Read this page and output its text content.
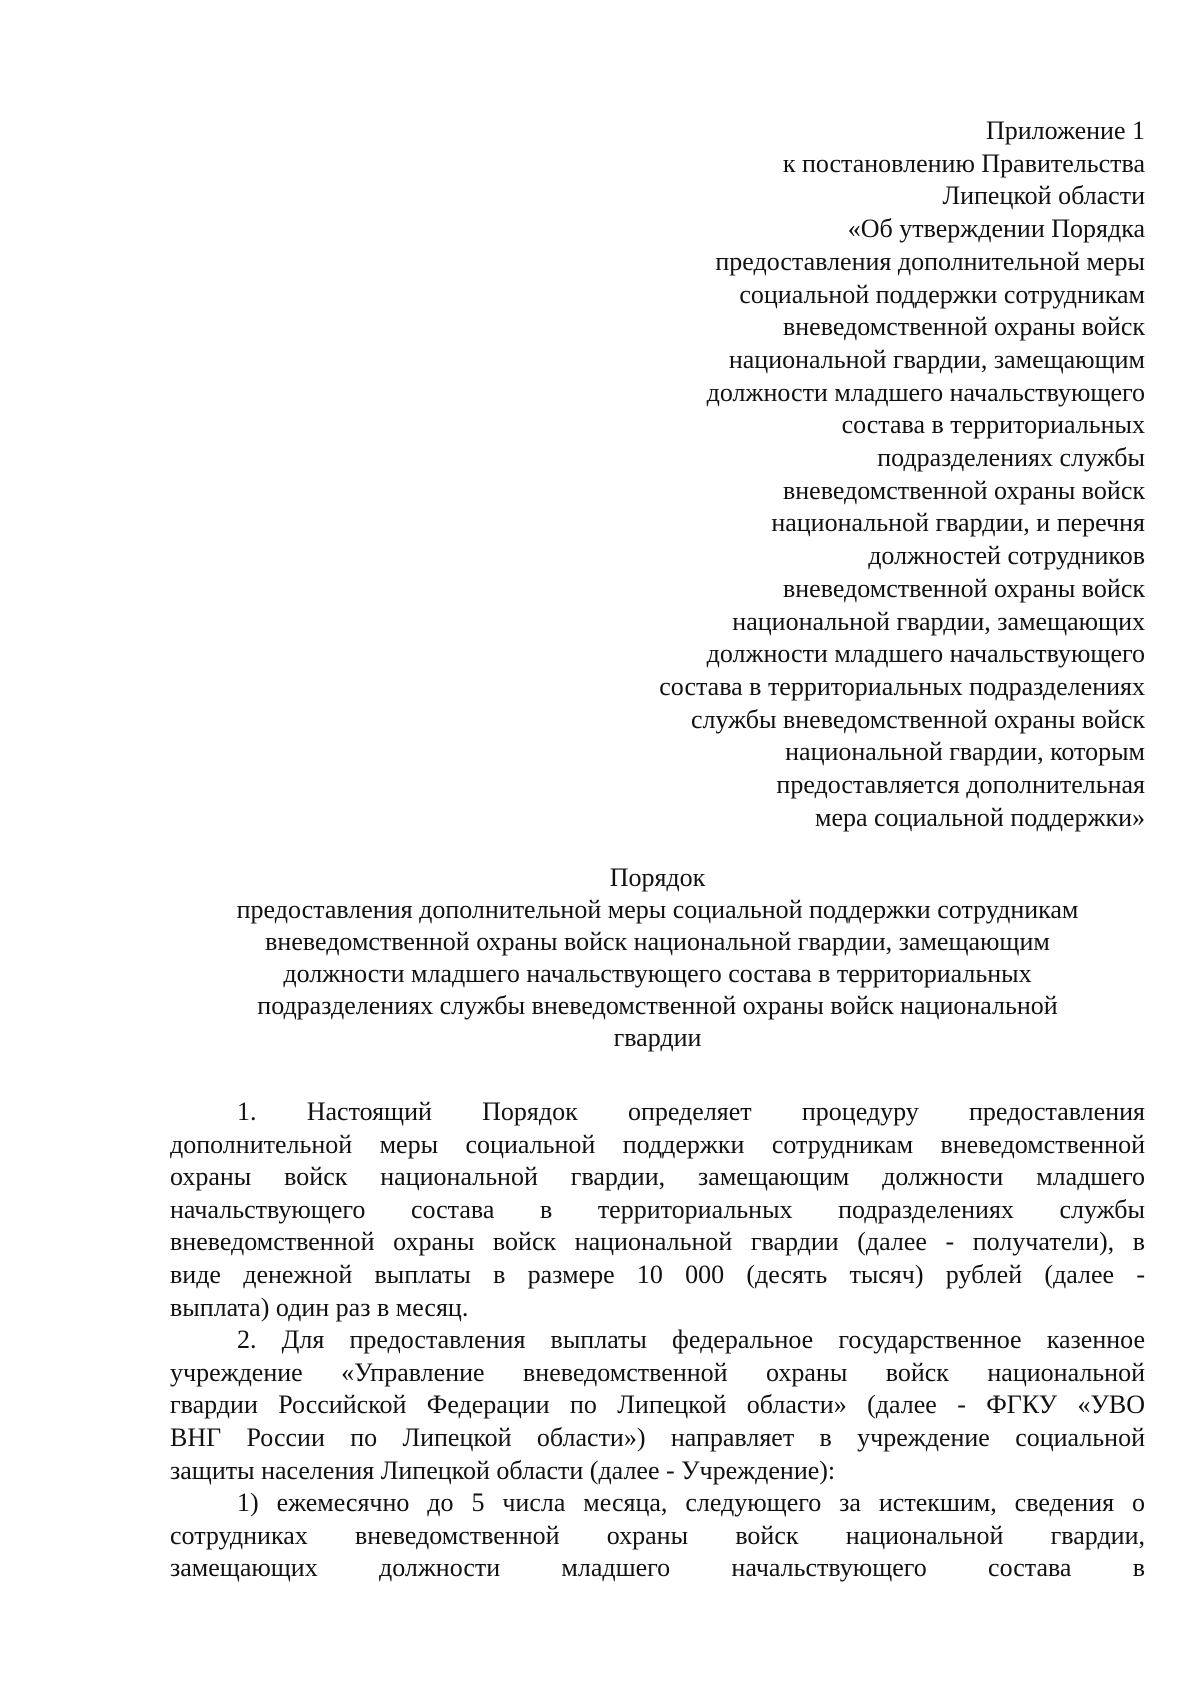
Приложение 1
к постановлению Правительства
Липецкой области
«Об утверждении Порядка
предоставления дополнительной меры
социальной поддержки сотрудникам
вневедомственной охраны войск
национальной гвардии, замещающим
должности младшего начальствующего
состава в территориальных
подразделениях службы
вневедомственной охраны войск
национальной гвардии, и перечня
должностей сотрудников
вневедомственной охраны войск
национальной гвардии, замещающих
должности младшего начальствующего
состава в территориальных подразделениях
службы вневедомственной охраны войск
национальной гвардии, которым
предоставляется дополнительная
мера социальной поддержки»
Порядок
предоставления дополнительной меры социальной поддержки сотрудникам
вневедомственной охраны войск национальной гвардии, замещающим
должности младшего начальствующего состава в территориальных
подразделениях службы вневедомственной охраны войск национальной
гвардии
1. Настоящий Порядок определяет процедуру предоставления
дополнительной меры социальной поддержки сотрудникам вневедомственной
охраны войск национальной гвардии, замещающим должности младшего
начальствующего состава в территориальных подразделениях службы
вневедомственной охраны войск национальной гвардии (далее - получатели), в
виде денежной выплаты в размере 10 000 (десять тысяч) рублей (далее -
выплата) один раз в месяц.
2. Для предоставления выплаты федеральное государственное казенное
учреждение «Управление вневедомственной охраны войск национальной
гвардии Российской Федерации по Липецкой области» (далее - ФГКУ «УВО
ВНГ России по Липецкой области») направляет в учреждение социальной
защиты населения Липецкой области (далее - Учреждение):
1) ежемесячно до 5 числа месяца, следующего за истекшим, сведения о
сотрудниках вневедомственной охраны войск национальной гвардии,
замещающих должности младшего начальствующего состава в
